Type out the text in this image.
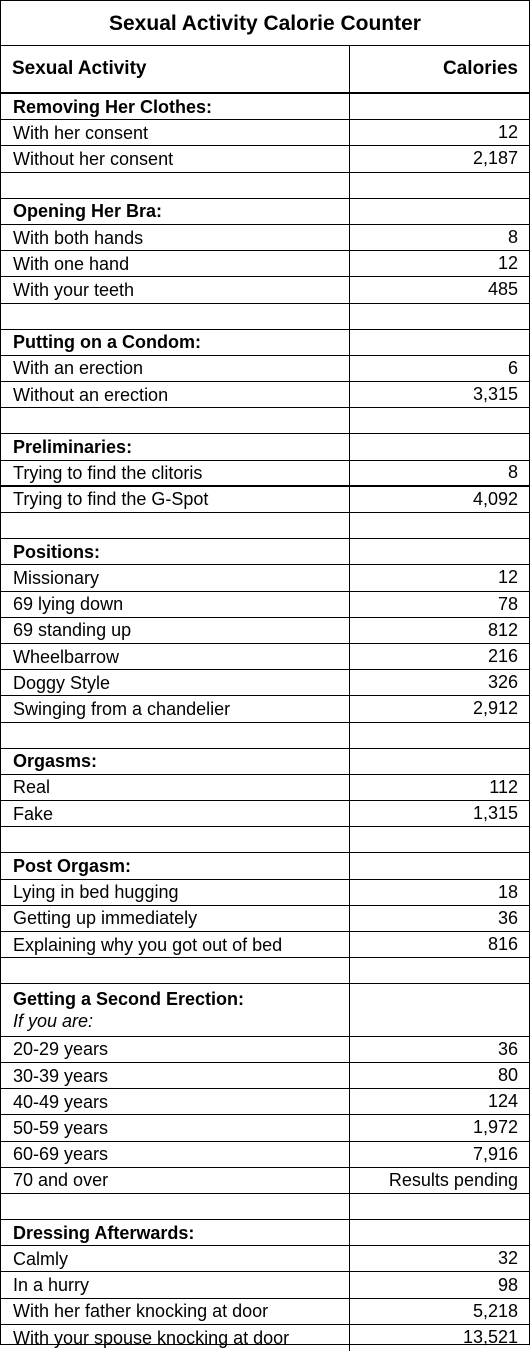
Sexual Activity Calorie Counter
Sexual Activity	Calories
Removing Her Clothes:
With her consent	12
Without her consent	2,187
Opening Her Bra:
With both hands	8
With one hand	12
With your teeth	485
Putting on a Condom:
With an erection	6
Without an erection	3,315
Preliminaries:
Trying to find the clitoris	8
Trying to find the G-Spot	4,092
Positions:
Missionary	12
69 lying down	78
69 standing up	812
Wheelbarrow	216
Doggy Style	326
Swinging from a chandelier	2,912
Orgasms:
Real	112
Fake	1,315
Post Orgasm:
Lying in bed hugging	18
Getting up immediately	36
Explaining why you got out of bed	816
Getting a Second Erection:
If you are:
20-29 years	36
30-39 years	80
40-49 years	124
50-59 years	1,972
60-69 years	7,916
70 and over	Results pending
Dressing Afterwards:
Calmly	32
In a hurry	98
With her father knocking at door	5,218
With your spouse knocking at door	13,521
